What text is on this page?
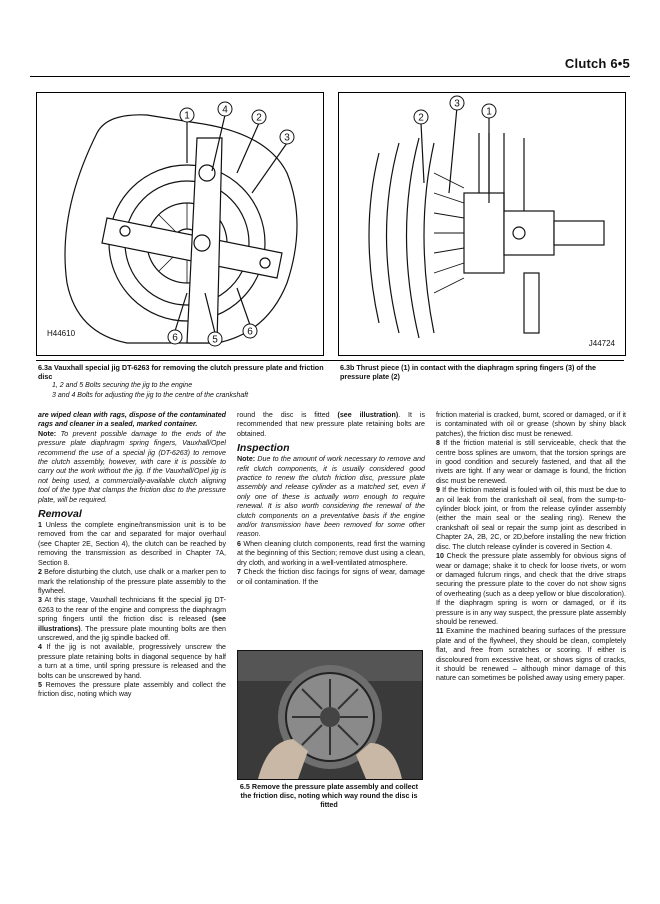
Clutch 6•5
1
4
2
3
6	5
6
H44610
2
3
1
J44724
6.3a Vauxhall special jig DT-6263 for removing the clutch pressure plate and friction disc
1, 2 and 5 Bolts securing the jig to the engine
3 and 4 Bolts for adjusting the jig to the centre of the crankshaft
6.3b Thrust piece (1) in contact with the diaphragm spring fingers (3) of the pressure plate (2)

are wiped clean with rags, dispose of the contaminated rags and cleaner in a sealed, marked container.

Note: To prevent possible damage to the ends of the pressure plate diaphragm spring fingers, Vauxhall/Opel recommend the use of a special jig (DT-6263) to remove the clutch assembly, however, with care it is possible to carry out the work without the jig. If the Vauxhall/Opel jig is not being used, a commercially-available clutch aligning tool of the type that clamps the friction disc to the pressure plate, will be required.

Removal

1 Unless the complete engine/transmission unit is to be removed from the car and separated for major overhaul (see Chapter 2E, Section 4), the clutch can be reached by removing the transmission as described in Chapter 7A, Section 8.

2 Before disturbing the clutch, use chalk or a marker pen to mark the relationship of the pressure plate assembly to the flywheel.

3 At this stage, Vauxhall technicians fit the special jig DT-6263 to the rear of the engine and compress the diaphragm spring fingers until the friction disc is released (see illustrations). The pressure plate mounting bolts are then unscrewed, and the jig spindle backed off.

4 If the jig is not available, progressively unscrew the pressure plate retaining bolts in diagonal sequence by half a turn at a time, until spring pressure is released and the bolts can be unscrewed by hand.

5 Removes the pressure plate assembly and collect the friction disc, noting which way

round the disc is fitted (see illustration). It is recommended that new pressure plate retaining bolts are obtained.

Inspection

Note: Due to the amount of work necessary to remove and refit clutch components, it is usually considered good practice to renew the clutch friction disc, pressure plate assembly and release cylinder as a matched set, even if only one of these is actually worn enough to require renewal. It is also worth considering the renewal of the clutch components on a preventative basis if the engine and/or transmission have been removed for some other reason.

6 When cleaning clutch components, read first the warning at the beginning of this Section; remove dust using a clean, dry cloth, and working in a well-ventilated atmosphere.

7 Check the friction disc facings for signs of wear, damage or oil contamination. If the

6.5 Remove the pressure plate assembly and collect the friction disc, noting which way round the disc is fitted

friction material is cracked, burnt, scored or damaged, or if it is contaminated with oil or grease (shown by shiny black patches), the friction disc must be renewed.

8 If the friction material is still serviceable, check that the centre boss splines are unworn, that the torsion springs are in good condition and securely fastened, and that all the rivets are tight. If any wear or damage is found, the friction disc must be renewed.

9 If the friction material is fouled with oil, this must be due to an oil leak from the crankshaft oil seal, from the sump-to-cylinder block joint, or from the release cylinder assembly (either the main seal or the sealing ring). Renew the crankshaft oil seal or repair the sump joint as described in Chapter 2A, 2B, 2C, or 2D,before installing the new friction disc. The clutch release cylinder is covered in Section 4.

10 Check the pressure plate assembly for obvious signs of wear or damage; shake it to check for loose rivets, or worn or damaged fulcrum rings, and check that the drive straps securing the pressure plate to the cover do not show signs of overheating (such as a deep yellow or blue discoloration). If the diaphragm spring is worn or damaged, or if its pressure is in any way suspect, the pressure plate assembly should be renewed.

11 Examine the machined bearing surfaces of the pressure plate and of the flywheel, they should be clean, completely flat, and free from scratches or scoring. If either is discoloured from excessive heat, or shows signs of cracks, it should be renewed – although minor damage of this nature can sometimes be polished away using emery paper.
